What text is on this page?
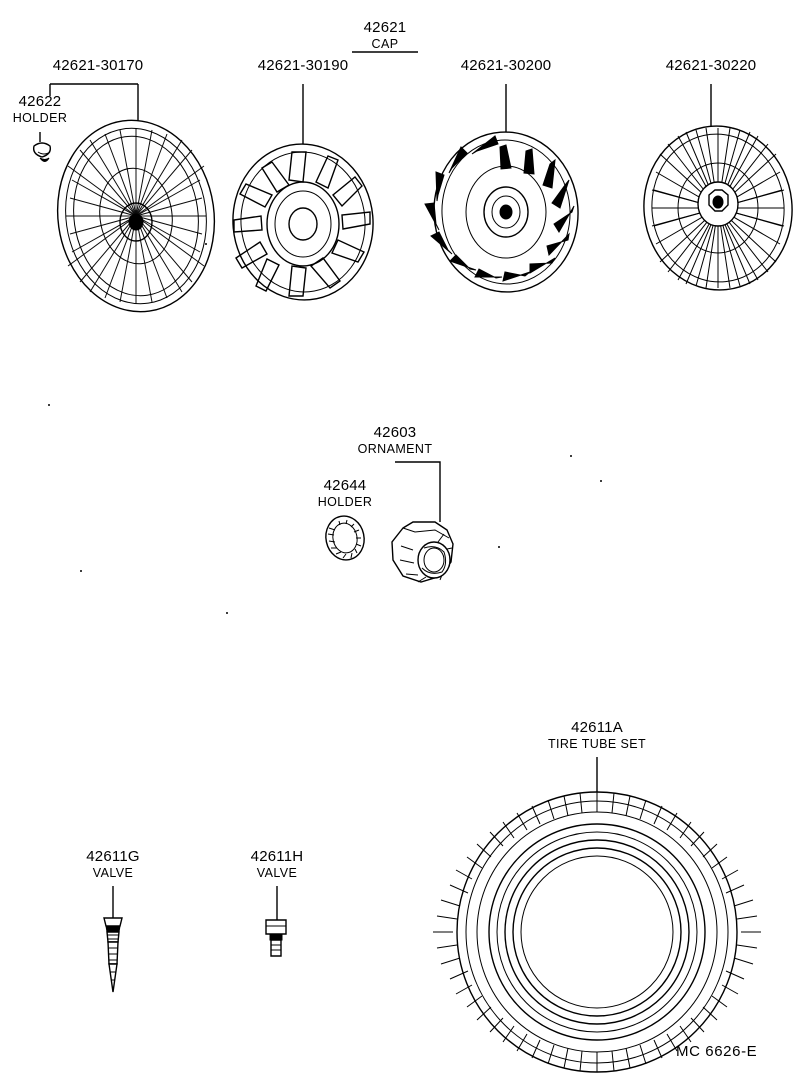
42621
CAP
42621-30170
42622
HOLDER
42621-30190	42621-30200	42621-30220
42603
ORNAMENT
42644
HOLDER
42611A
TIRE TUBE SET
42611G
VALVE
42611H
VALVE
MC 6626-E
